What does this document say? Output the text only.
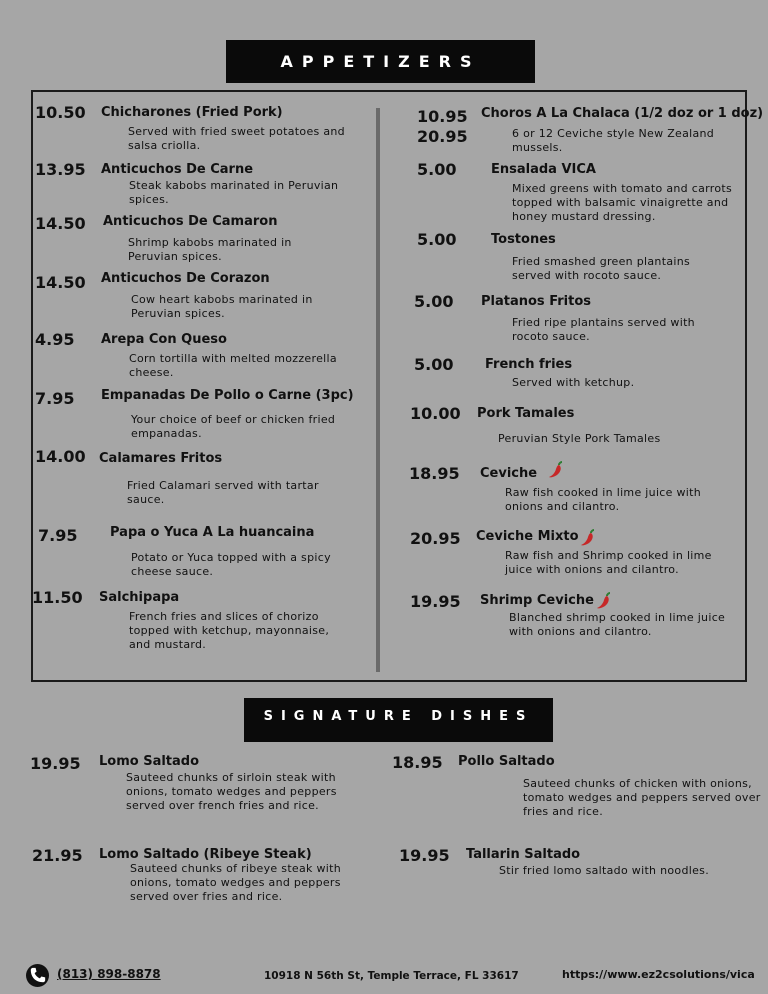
APPETIZERS
10.50 Chicharones (Fried Pork)
Served with fried sweet potatoes and salsa criolla.
13.95 Anticuchos De Carne
Steak kabobs marinated in Peruvian spices.
14.50 Anticuchos De Camaron
Shrimp kabobs marinated in Peruvian spices.
14.50 Anticuchos De Corazon
Cow heart kabobs marinated in Peruvian spices.
4.95 Arepa Con Queso
Corn tortilla with melted mozzerella cheese.
7.95 Empanadas De Pollo o Carne (3pc)
Your choice of beef or chicken fried empanadas.
14.00 Calamares Fritos
Fried Calamari served with tartar sauce.
7.95	Papa o Yuca A La huancaina
Potato or Yuca topped with a spicy cheese sauce.
11.50 Salchipapa
French fries and slices of chorizo topped with ketchup, mayonnaise, and mustard.
10.95
20.95
Choros A La Chalaca (1/2 doz or 1 doz)
6 or 12 Ceviche style New Zealand mussels.
5.00	Ensalada VICA
Mixed greens with tomato and carrots topped with balsamic vinaigrette and honey mustard dressing.
5.00	Tostones
Fried smashed green plantains served with rocoto sauce.
5.00 Platanos Fritos
Fried ripe plantains served with rocoto sauce.
5.00 French fries
Served with ketchup.
10.00 Pork Tamales
Peruvian Style Pork Tamales
18.95 Ceviche
Raw fish cooked in lime juice with onions and cilantro.
20.95 Ceviche Mixto
Raw fish and Shrimp cooked in lime juice with onions and cilantro.
19.95 Shrimp Ceviche
Blanched shrimp cooked in lime juice with onions and cilantro.
SIGNATURE DISHES
19.95 Lomo Saltado
Sauteed chunks of sirloin steak with onions, tomato wedges and peppers served over french fries and rice.
18.95 Pollo Saltado
Sauteed chunks of chicken with onions, tomato wedges and peppers served over fries and rice.
21.95 Lomo Saltado (Ribeye Steak)
Sauteed chunks of ribeye steak with onions, tomato wedges and peppers served over fries and rice.
19.95 Tallarin Saltado
Stir fried lomo saltado with noodles.
(813) 898-8878	10918 N 56th St, Temple Terrace, FL 33617	https://www.ez2csolutions/vica
